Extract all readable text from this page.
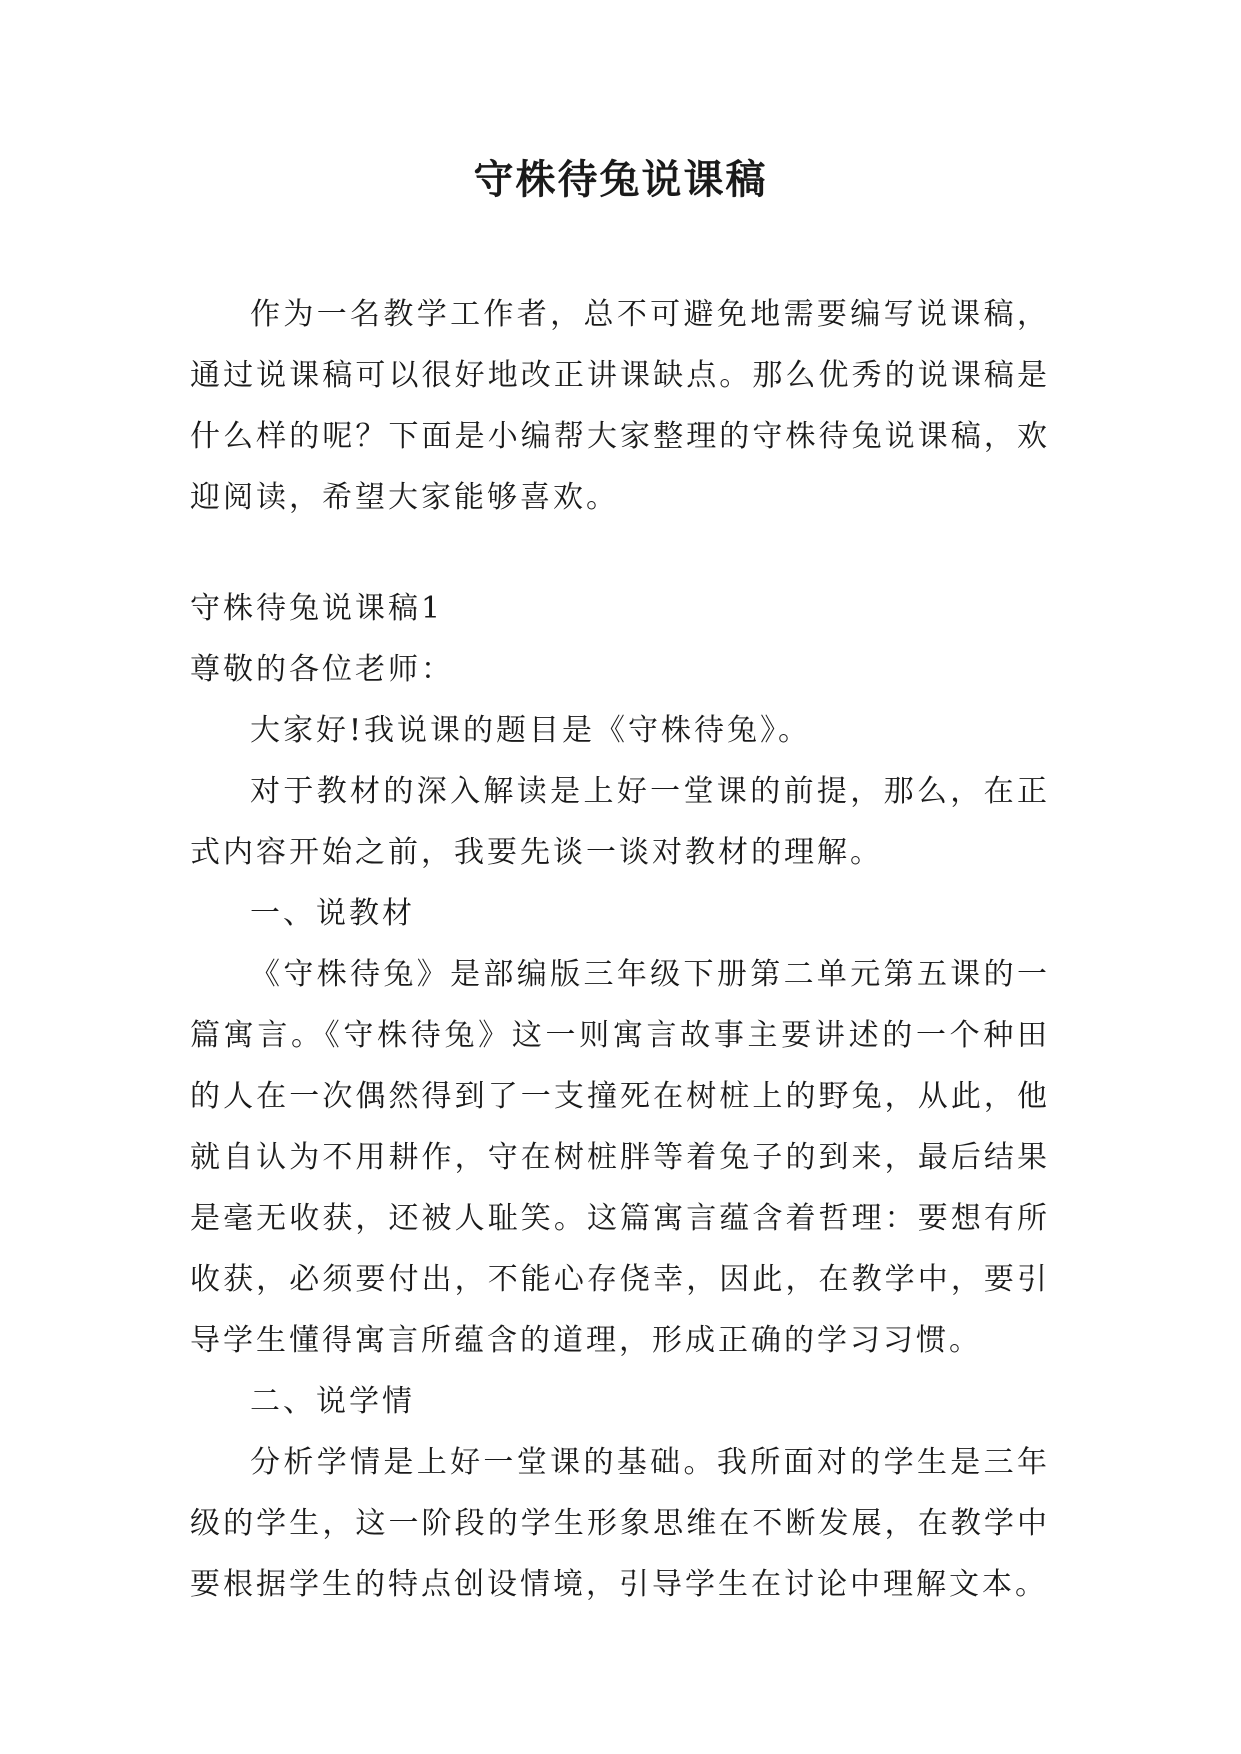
守株待兔说课稿

作为一名教学工作者，总不可避免地需要编写说课稿，通过说课稿可以很好地改正讲课缺点。那么优秀的说课稿是什么样的呢？下面是小编帮大家整理的守株待兔说课稿，欢迎阅读，希望大家能够喜欢。

守株待兔说课稿1

尊敬的各位老师：

大家好!我说课的题目是《守株待兔》。

对于教材的深入解读是上好一堂课的前提，那么，在正式内容开始之前，我要先谈一谈对教材的理解。

一、说教材

《守株待兔》是部编版三年级下册第二单元第五课的一篇寓言。《守株待兔》这一则寓言故事主要讲述的一个种田的人在一次偶然得到了一支撞死在树桩上的野兔，从此，他就自认为不用耕作，守在树桩胖等着兔子的到来，最后结果是毫无收获，还被人耻笑。这篇寓言蕴含着哲理：要想有所收获，必须要付出，不能心存侥幸，因此，在教学中，要引导学生懂得寓言所蕴含的道理，形成正确的学习习惯。

二、说学情

分析学情是上好一堂课的基础。我所面对的学生是三年级的学生，这一阶段的学生形象思维在不断发展，在教学中要根据学生的特点创设情境，引导学生在讨论中理解文本。
